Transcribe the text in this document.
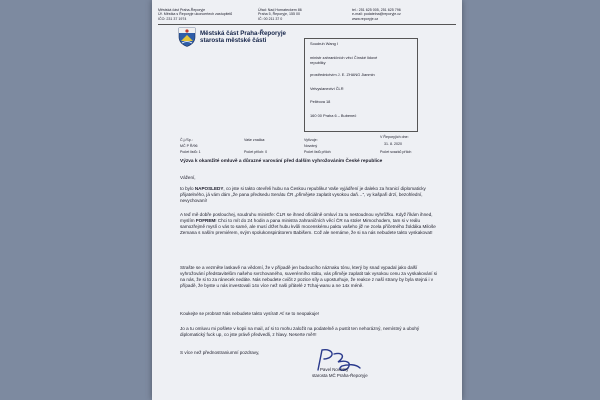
Městská část Praha-Řeporyje
Úř. Městka s Řeporyje ukoncertech zastupitelů
IČO: 231 37 1974
Úřad: Nad Hornateckem 86
Praha 5, Řeporyje, 155 00
IČ: 00 211 37 0
tel.: 251 625 005, 251 625 796
e-mail: podatelna@reporyje.cz
www.reporyje.cz
Městská část Praha-Řeporyje
starosta městské části	Soudruh Wang I
ministr zahraničních věcí Čínské lidové
republiky
prostřednictvím J. E. ZHANG Jianmin
Velvyslanectví ČLR
Pelléova 18
160 00 Praha 6 – Bubeneč
Č.j./Sp.:	Vaše značka:	Vyřizuje:
V Řeporyjích dne:
MČ P Ř/96	Novotný	31. 8. 2020
Počet listů: 1	Počet příloh: 0	Počet listů příloh	Počet svazků příloh
Výzva k okamžité omluvě a důrazné varování před dalším vyhrožováním České republice
Vážení,
to bylo NAPOSLEDY, co jste si takto otevřeli hubu na Českou republiku! Vaše vyjádření je daleko za hranicí diplomaticky přijatelného, já vám dám „že pana předsedu Senátu ČR „přimějete zaplatit vysokou daň…“, vy kašpaři drzí, bezohlední, nevychovaní!
A teď mě dobře poslouchej, soudruhu ministře: ČLR se ihned oficiálně omluví za tu nestoudnou vyhrůžku. Když říkám ihned, myslím FOFREM! Chci to mít do 24 hodin a pana ministra zahraničních věcí ČR na stole! Mimochodem, tam si v reálu samozřejmě myslí o vás to samé, ale musí držet hubu kvůli mocenskému paktu vašeho již ne zcela přičetného žoldáka Miloše Zemana s naším premiérem, svým spolukonspirátorem Babišem. Což ale nemáme, že si na nás nebudete takto vyskakovat!
Strašte se a vezměte laskavě na vědomí, že v případě jen budoucího náznaku tónu, který by snad vypadal jako další vyhrožování představitelům našeho svrchovaného, suverénního státu, vás přiměje zaplatit tak vysokou cenu za vyskakování si na nás, že si to za ránecek nedáte. Nás nebudete cvičit z pozice síly a uposturhuje, že reakce z naší strany by byla stejná i v případě, že byste u nás investovali 14x více než naši přátelé z Tchaj-wanu a ne 14x méně.
Koukejte se probrat! Nás nebudete takto vysírat! Ať se to neopakuje!
Jo a tu omluvu mi pošlete v kopii na mail, ať si to mohu založit na podatelně a pustit ten nehorázný, nemístný a ubohý diplomatický fuck up, co jste právě předvedli, z hlavy. Neserte mě!!!
S více než přednostraniumní pozdravy,
Pavel Novotný
starosta MČ Praha-Řeporyje
